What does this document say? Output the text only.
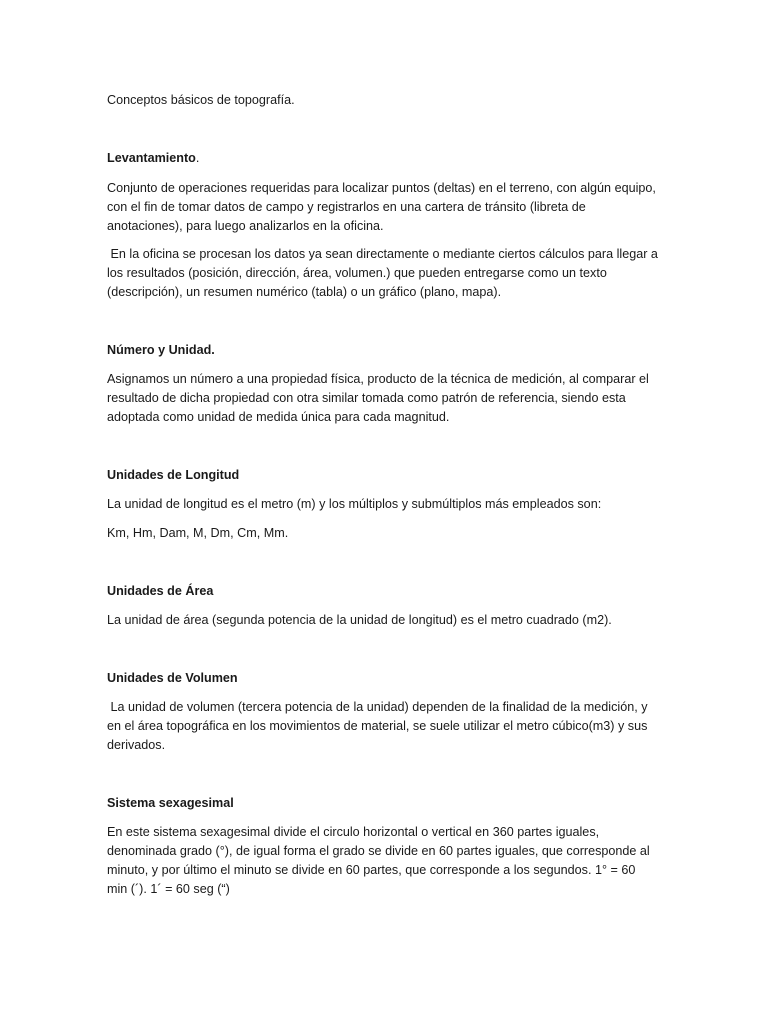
Conceptos básicos de topografía.

Levantamiento.

Conjunto de operaciones requeridas para localizar puntos (deltas) en el terreno, con algún equipo,

con el fin de tomar datos de campo y registrarlos en una cartera de tránsito (libreta de

anotaciones), para luego analizarlos en la oficina.

En la oficina se procesan los datos ya sean directamente o mediante ciertos cálculos para llegar a

los resultados (posición, dirección, área, volumen.) que pueden entregarse como un texto

(descripción), un resumen numérico (tabla) o un gráfico (plano, mapa).

Número y Unidad.

Asignamos un número a una propiedad física, producto de la técnica de medición, al comparar el

resultado de dicha propiedad con otra similar tomada como patrón de referencia, siendo esta

adoptada como unidad de medida única para cada magnitud.

Unidades de Longitud

La unidad de longitud es el metro (m) y los múltiplos y submúltiplos más empleados son:

Km, Hm, Dam, M, Dm, Cm, Mm.

Unidades de Área

La unidad de área (segunda potencia de la unidad de longitud) es el metro cuadrado (m2).

Unidades de Volumen

La unidad de volumen (tercera potencia de la unidad) dependen de la finalidad de la medición, y

en el área topográfica en los movimientos de material, se suele utilizar el metro cúbico(m3) y sus

derivados.

Sistema sexagesimal

En este sistema sexagesimal divide el circulo horizontal o vertical en 360 partes iguales,

denominada grado (°), de igual forma el grado se divide en 60 partes iguales, que corresponde al

minuto, y por último el minuto se divide en 60 partes, que corresponde a los segundos. 1° = 60

min (´). 1´ = 60 seg (“)
